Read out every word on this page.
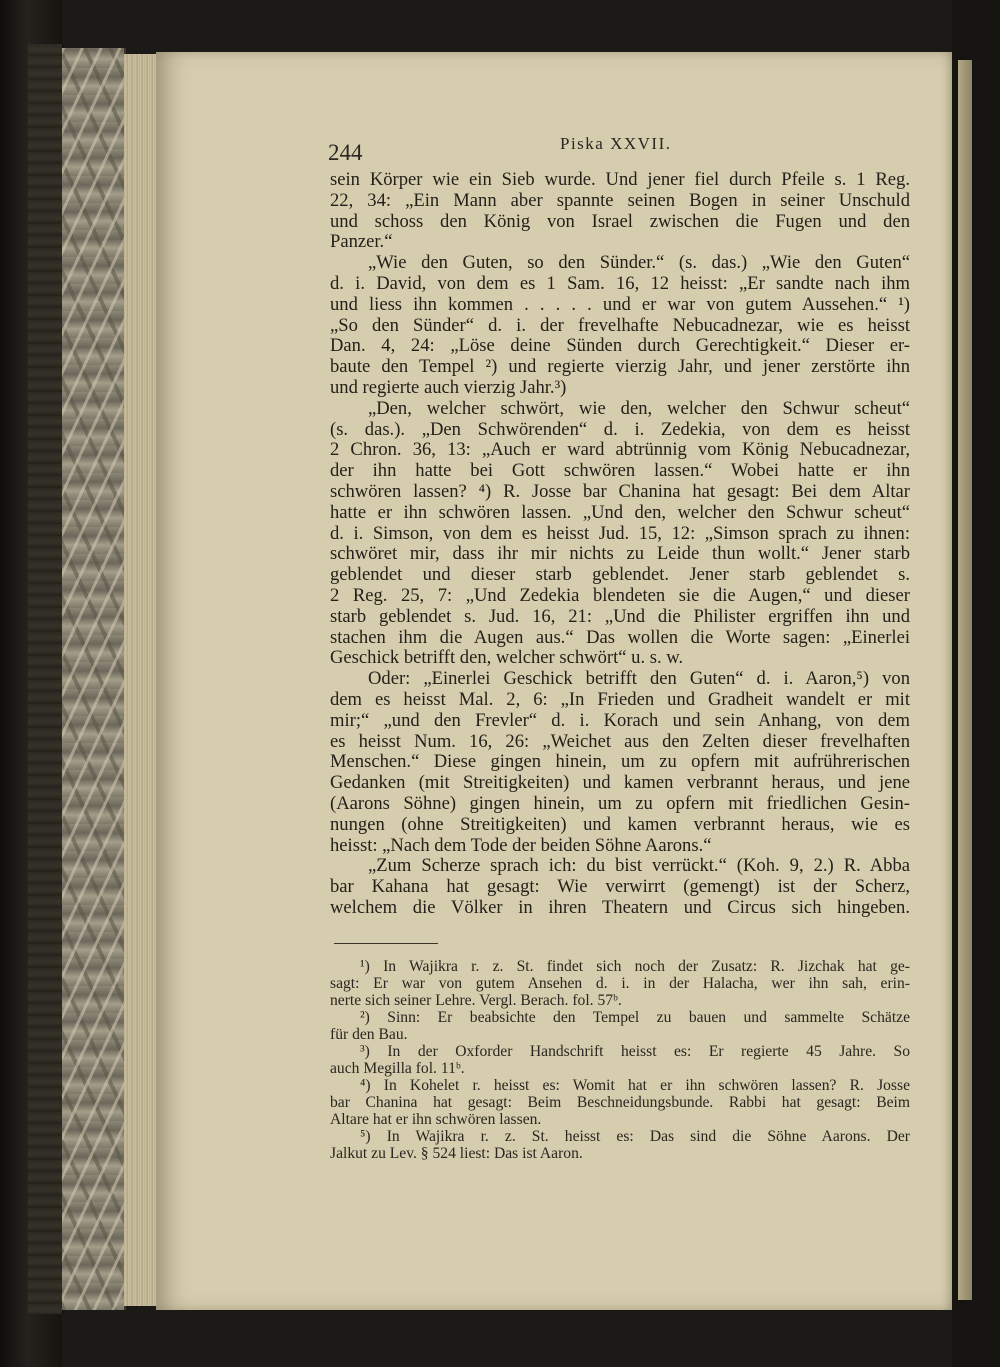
244	Piska XXVII.
sein Körper wie ein Sieb wurde. Und jener fiel durch Pfeile s. 1 Reg.
22, 34: „Ein Mann aber spannte seinen Bogen in seiner Unschuld
und schoss den König von Israel zwischen die Fugen und den
Panzer.“
„Wie den Guten, so den Sünder.“ (s. das.) „Wie den Guten“
d. i. David, von dem es 1 Sam. 16, 12 heisst: „Er sandte nach ihm
und liess ihn kommen . . . . . und er war von gutem Aussehen.“ ¹)
„So den Sünder“ d. i. der frevelhafte Nebucadnezar, wie es heisst
Dan. 4, 24: „Löse deine Sünden durch Gerechtigkeit.“ Dieser er-
baute den Tempel ²) und regierte vierzig Jahr, und jener zerstörte ihn
und regierte auch vierzig Jahr.³)
„Den, welcher schwört, wie den, welcher den Schwur scheut“
(s. das.). „Den Schwörenden“ d. i. Zedekia, von dem es heisst
2 Chron. 36, 13: „Auch er ward abtrünnig vom König Nebucadnezar,
der ihn hatte bei Gott schwören lassen.“ Wobei hatte er ihn
schwören lassen? ⁴) R. Josse bar Chanina hat gesagt: Bei dem Altar
hatte er ihn schwören lassen. „Und den, welcher den Schwur scheut“
d. i. Simson, von dem es heisst Jud. 15, 12: „Simson sprach zu ihnen:
schwöret mir, dass ihr mir nichts zu Leide thun wollt.“ Jener starb
geblendet und dieser starb geblendet. Jener starb geblendet s.
2 Reg. 25, 7: „Und Zedekia blendeten sie die Augen,“ und dieser
starb geblendet s. Jud. 16, 21: „Und die Philister ergriffen ihn und
stachen ihm die Augen aus.“ Das wollen die Worte sagen: „Einerlei
Geschick betrifft den, welcher schwört“ u. s. w.
Oder: „Einerlei Geschick betrifft den Guten“ d. i. Aaron,⁵) von
dem es heisst Mal. 2, 6: „In Frieden und Gradheit wandelt er mit
mir;“ „und den Frevler“ d. i. Korach und sein Anhang, von dem
es heisst Num. 16, 26: „Weichet aus den Zelten dieser frevelhaften
Menschen.“ Diese gingen hinein, um zu opfern mit aufrührerischen
Gedanken (mit Streitigkeiten) und kamen verbrannt heraus, und jene
(Aarons Söhne) gingen hinein, um zu opfern mit friedlichen Gesin-
nungen (ohne Streitigkeiten) und kamen verbrannt heraus, wie es
heisst: „Nach dem Tode der beiden Söhne Aarons.“
„Zum Scherze sprach ich: du bist verrückt.“ (Koh. 9, 2.) R. Abba
bar Kahana hat gesagt: Wie verwirrt (gemengt) ist der Scherz,
welchem die Völker in ihren Theatern und Circus sich hingeben.
¹) In Wajikra r. z. St. findet sich noch der Zusatz: R. Jizchak hat ge-
sagt: Er war von gutem Ansehen d. i. in der Halacha, wer ihn sah, erin-
nerte sich seiner Lehre. Vergl. Berach. fol. 57ᵇ.
²) Sinn: Er beabsichte den Tempel zu bauen und sammelte Schätze
für den Bau.
³) In der Oxforder Handschrift heisst es: Er regierte 45 Jahre. So
auch Megilla fol. 11ᵇ.
⁴) In Kohelet r. heisst es: Womit hat er ihn schwören lassen? R. Josse
bar Chanina hat gesagt: Beim Beschneidungsbunde. Rabbi hat gesagt: Beim
Altare hat er ihn schwören lassen.
⁵) In Wajikra r. z. St. heisst es: Das sind die Söhne Aarons. Der
Jalkut zu Lev. § 524 liest: Das ist Aaron.
